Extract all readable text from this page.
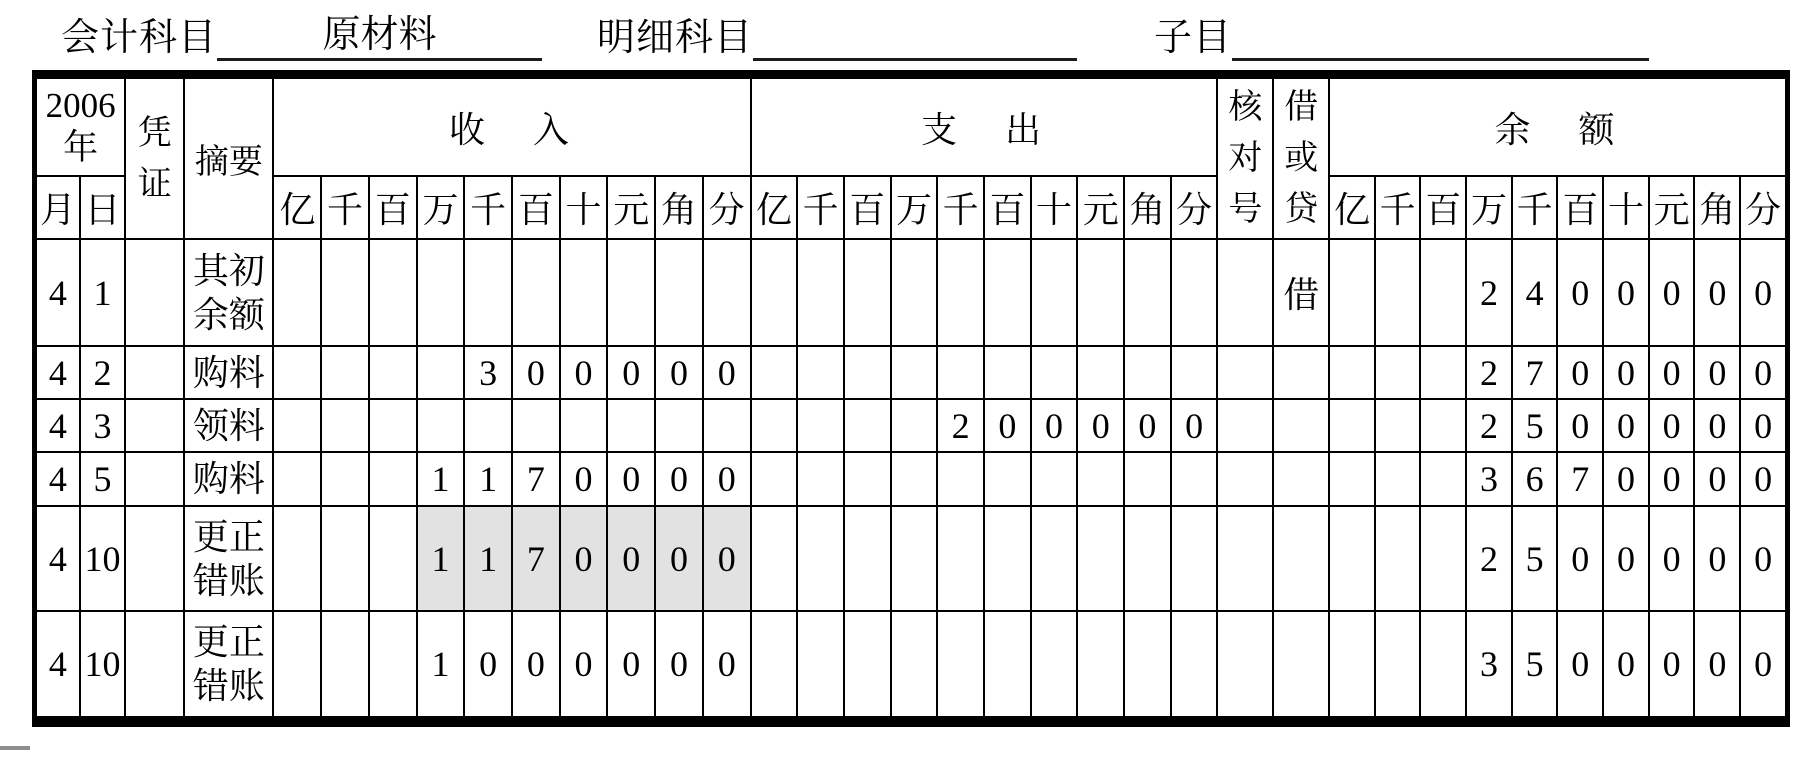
会计科目	原材料	明细科目	子目
2006
年		凭证	摘要	收　入										支　出										核对号	借或贷	余　额									
月	日			亿	千	百	万	千	百	十	元	角	分	亿	千	百	万	千	百	十	元	角	分			亿	千	百	万	千	百	十	元	角	分
4	1		其初
余额																						借				2	4	0	0	0	0	0
4	2		购料					3	0	0	0	0	0																2	7	0	0	0	0	0
4	3		领料															2	0	0	0	0	0						2	5	0	0	0	0	0
4	5		购料				1	1	7	0	0	0	0																3	6	7	0	0	0	0
4	10		更正
错账				1	1	7	0	0	0	0																2	5	0	0	0	0	0
4	10		更正
错账				1	0	0	0	0	0	0																3	5	0	0	0	0	0
